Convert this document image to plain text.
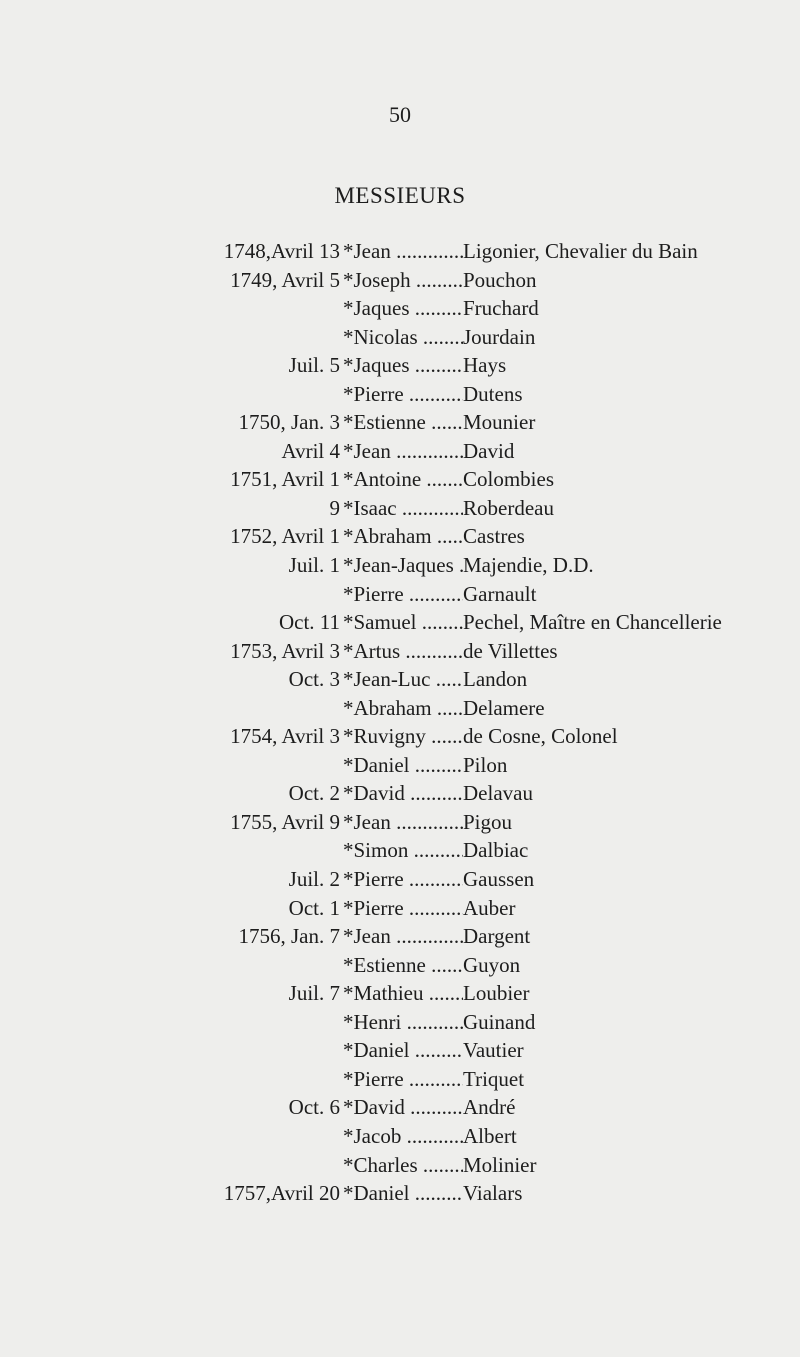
50
MESSIEURS
1748,Avril 13 *Jean .....	Ligonier, Chevalier du Bain
1749, Avril 5 *Joseph .....	Pouchon
*Jaques .....	Fruchard
*Nicolas .....	Jourdain
Juil. 5 *Jaques .....	Hays
*Pierre .....	Dutens
1750, Jan. 3 *Estienne .....	Mounier
Avril 4 *Jean .....	David
1751, Avril 1 *Antoine .....	Colombies
9 *Isaac .....	Roberdeau
1752, Avril 1 *Abraham .....	Castres
Juil. 1 *Jean-Jaques ..... Majendie, D.D.
*Pierre .....	Garnault
Oct. 11 *Samuel .....	Pechel, Maître en Chancellerie
1753, Avril 3 *Artus .....	de Villettes
Oct. 3 *Jean-Luc .....	Landon
*Abraham .....	Delamere
1754, Avril 3 *Ruvigny .....	de Cosne, Colonel
*Daniel .....	Pilon
Oct. 2 *David .....	Delavau
1755, Avril 9 *Jean .....	Pigou
*Simon .....	Dalbiac
Juil. 2 *Pierre .....	Gaussen
Oct. 1 *Pierre .....	Auber
1756, Jan. 7 *Jean .....	Dargent
*Estienne .....	Guyon
Juil. 7 *Mathieu .....	Loubier
*Henri .....	Guinand
*Daniel .....	Vautier
*Pierre .....	Triquet
Oct. 6 *David .....	André
*Jacob .....	Albert
*Charles .....	Molinier
1757,Avril 20 *Daniel .....	Vialars
